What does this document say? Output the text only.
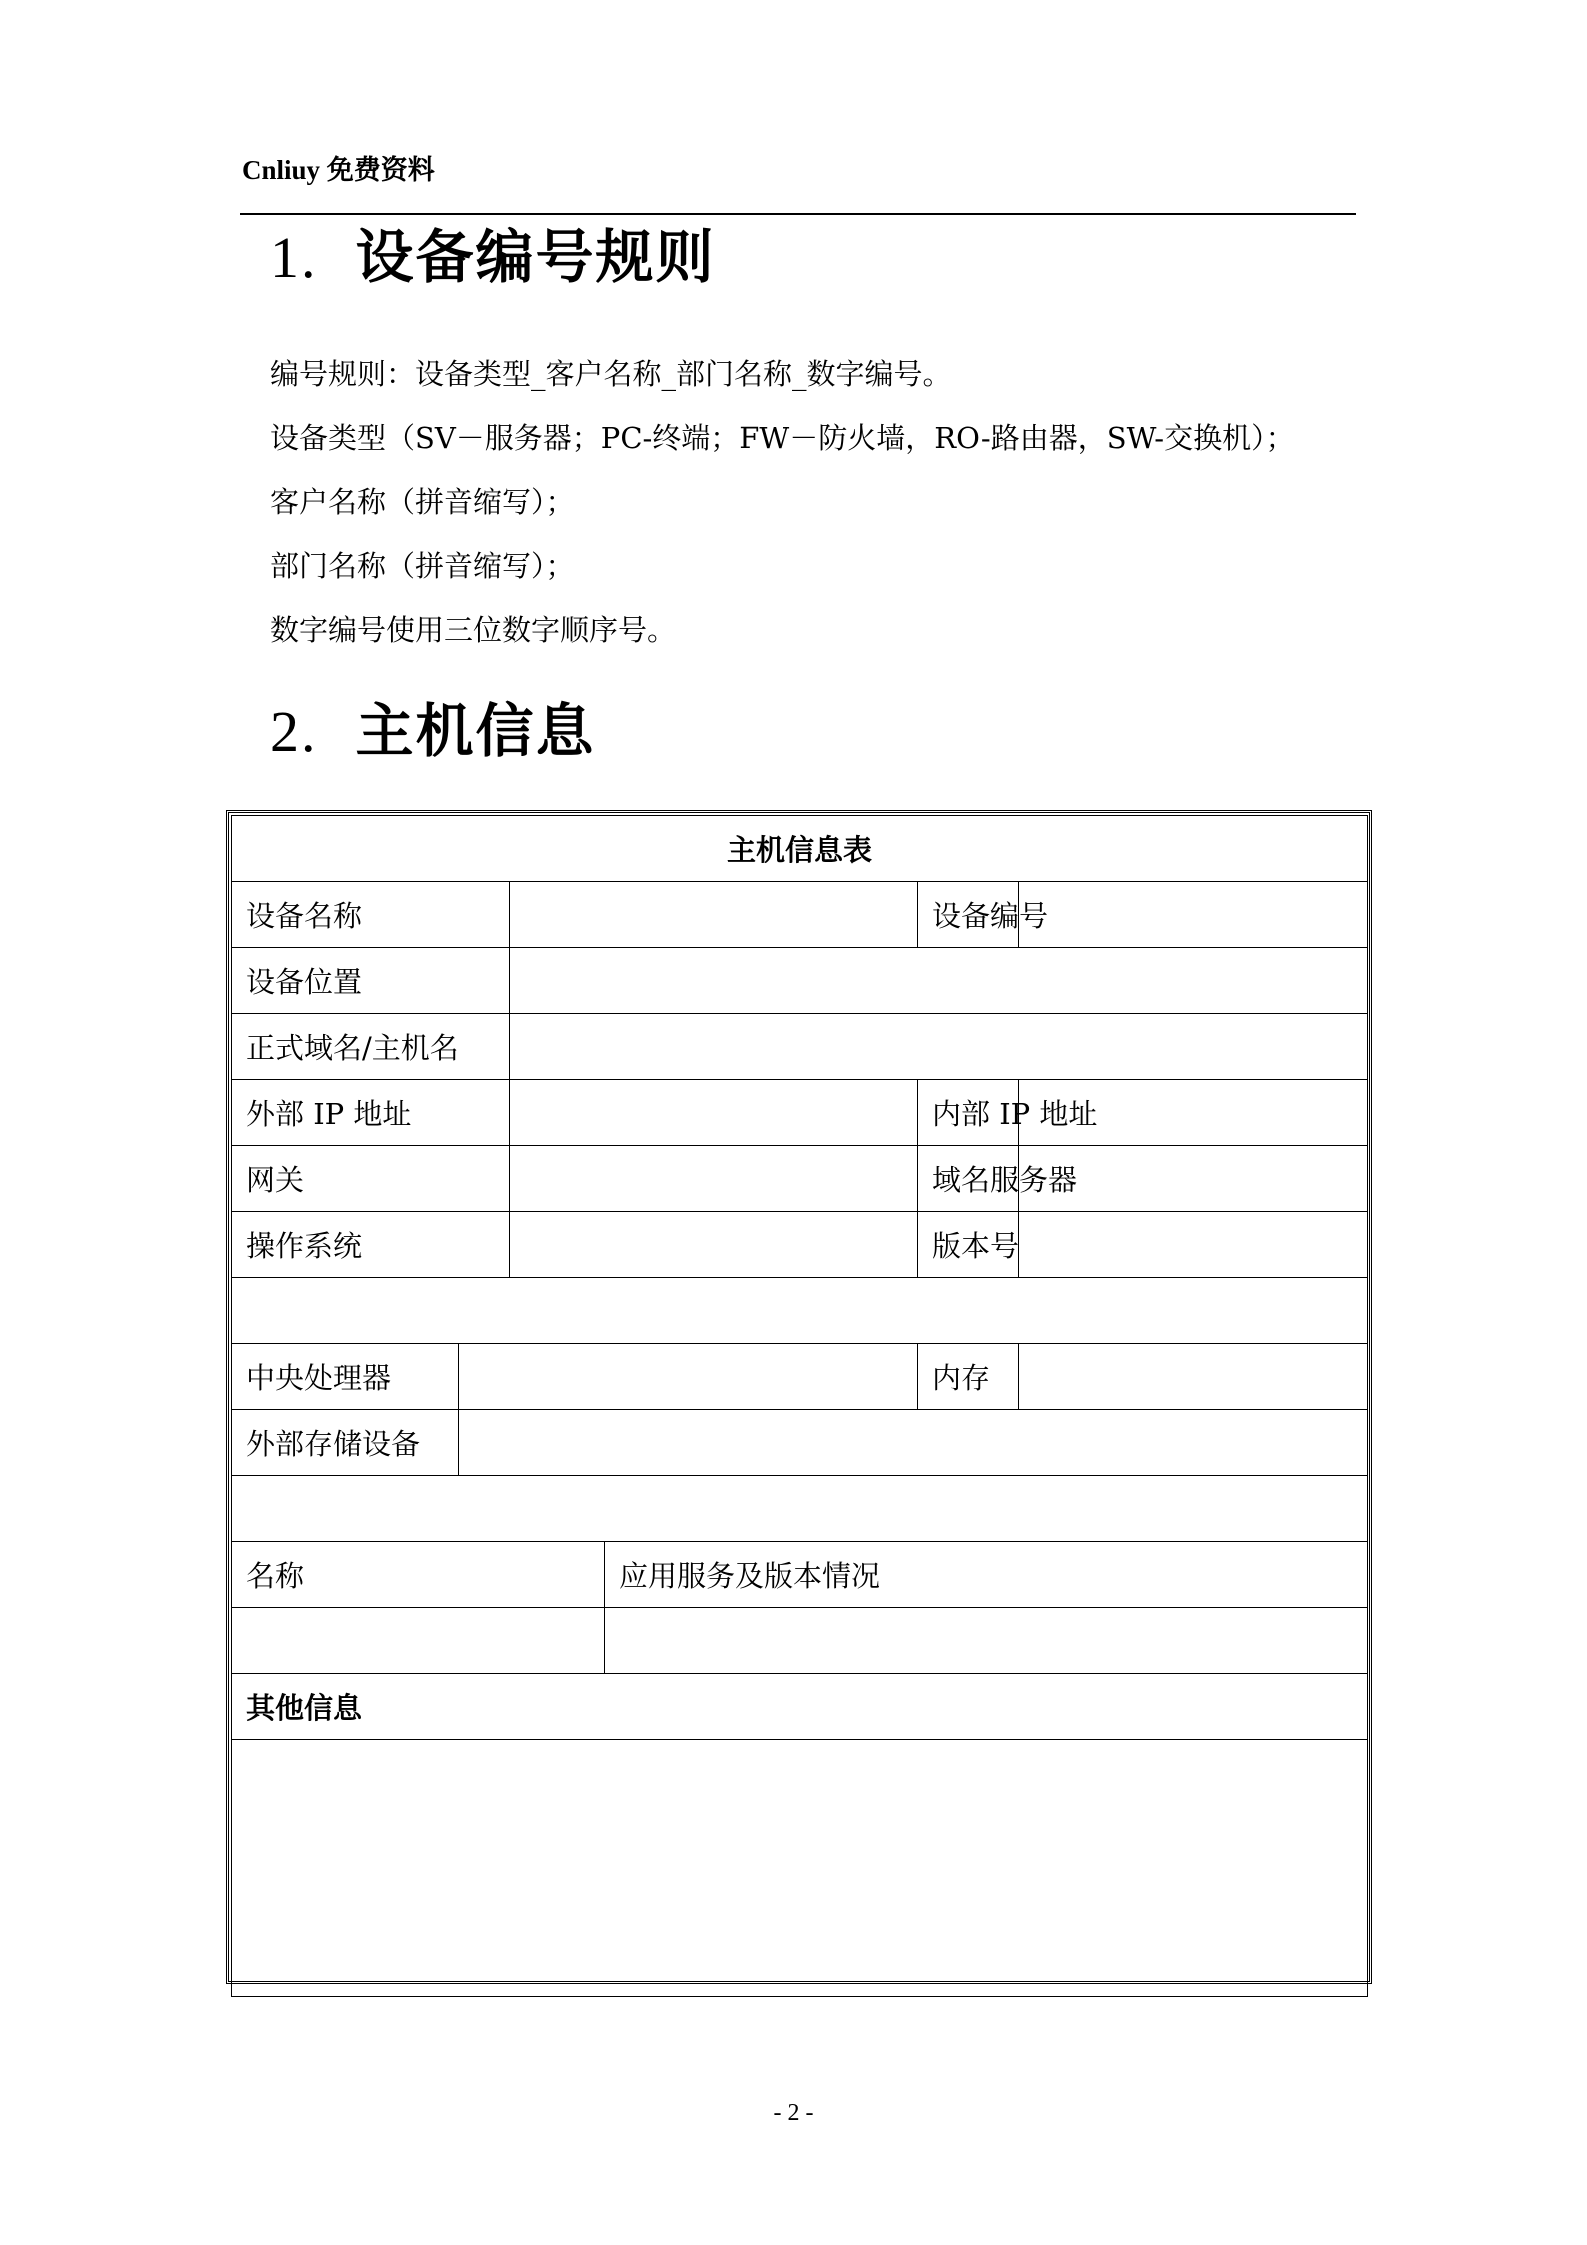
Cnliuy 免费资料
1. 设备编号规则
编号规则：设备类型_客户名称_部门名称_数字编号。
设备类型（SV－服务器；PC-终端；FW－防火墙，RO-路由器，SW-交换机）；
客户名称（拼音缩写）；
部门名称（拼音缩写）；
数字编号使用三位数字顺序号。
2. 主机信息
主机信息表					
设备名称				设备编号	
设备位置					
正式域名/主机名					
外部 IP 地址				内部 IP 地址	
网关				域名服务器	
操作系统				版本号	

中央处理器				内存	
外部存储设备					

名称			应用服务及版本情况		

其他信息					

- 2 -
